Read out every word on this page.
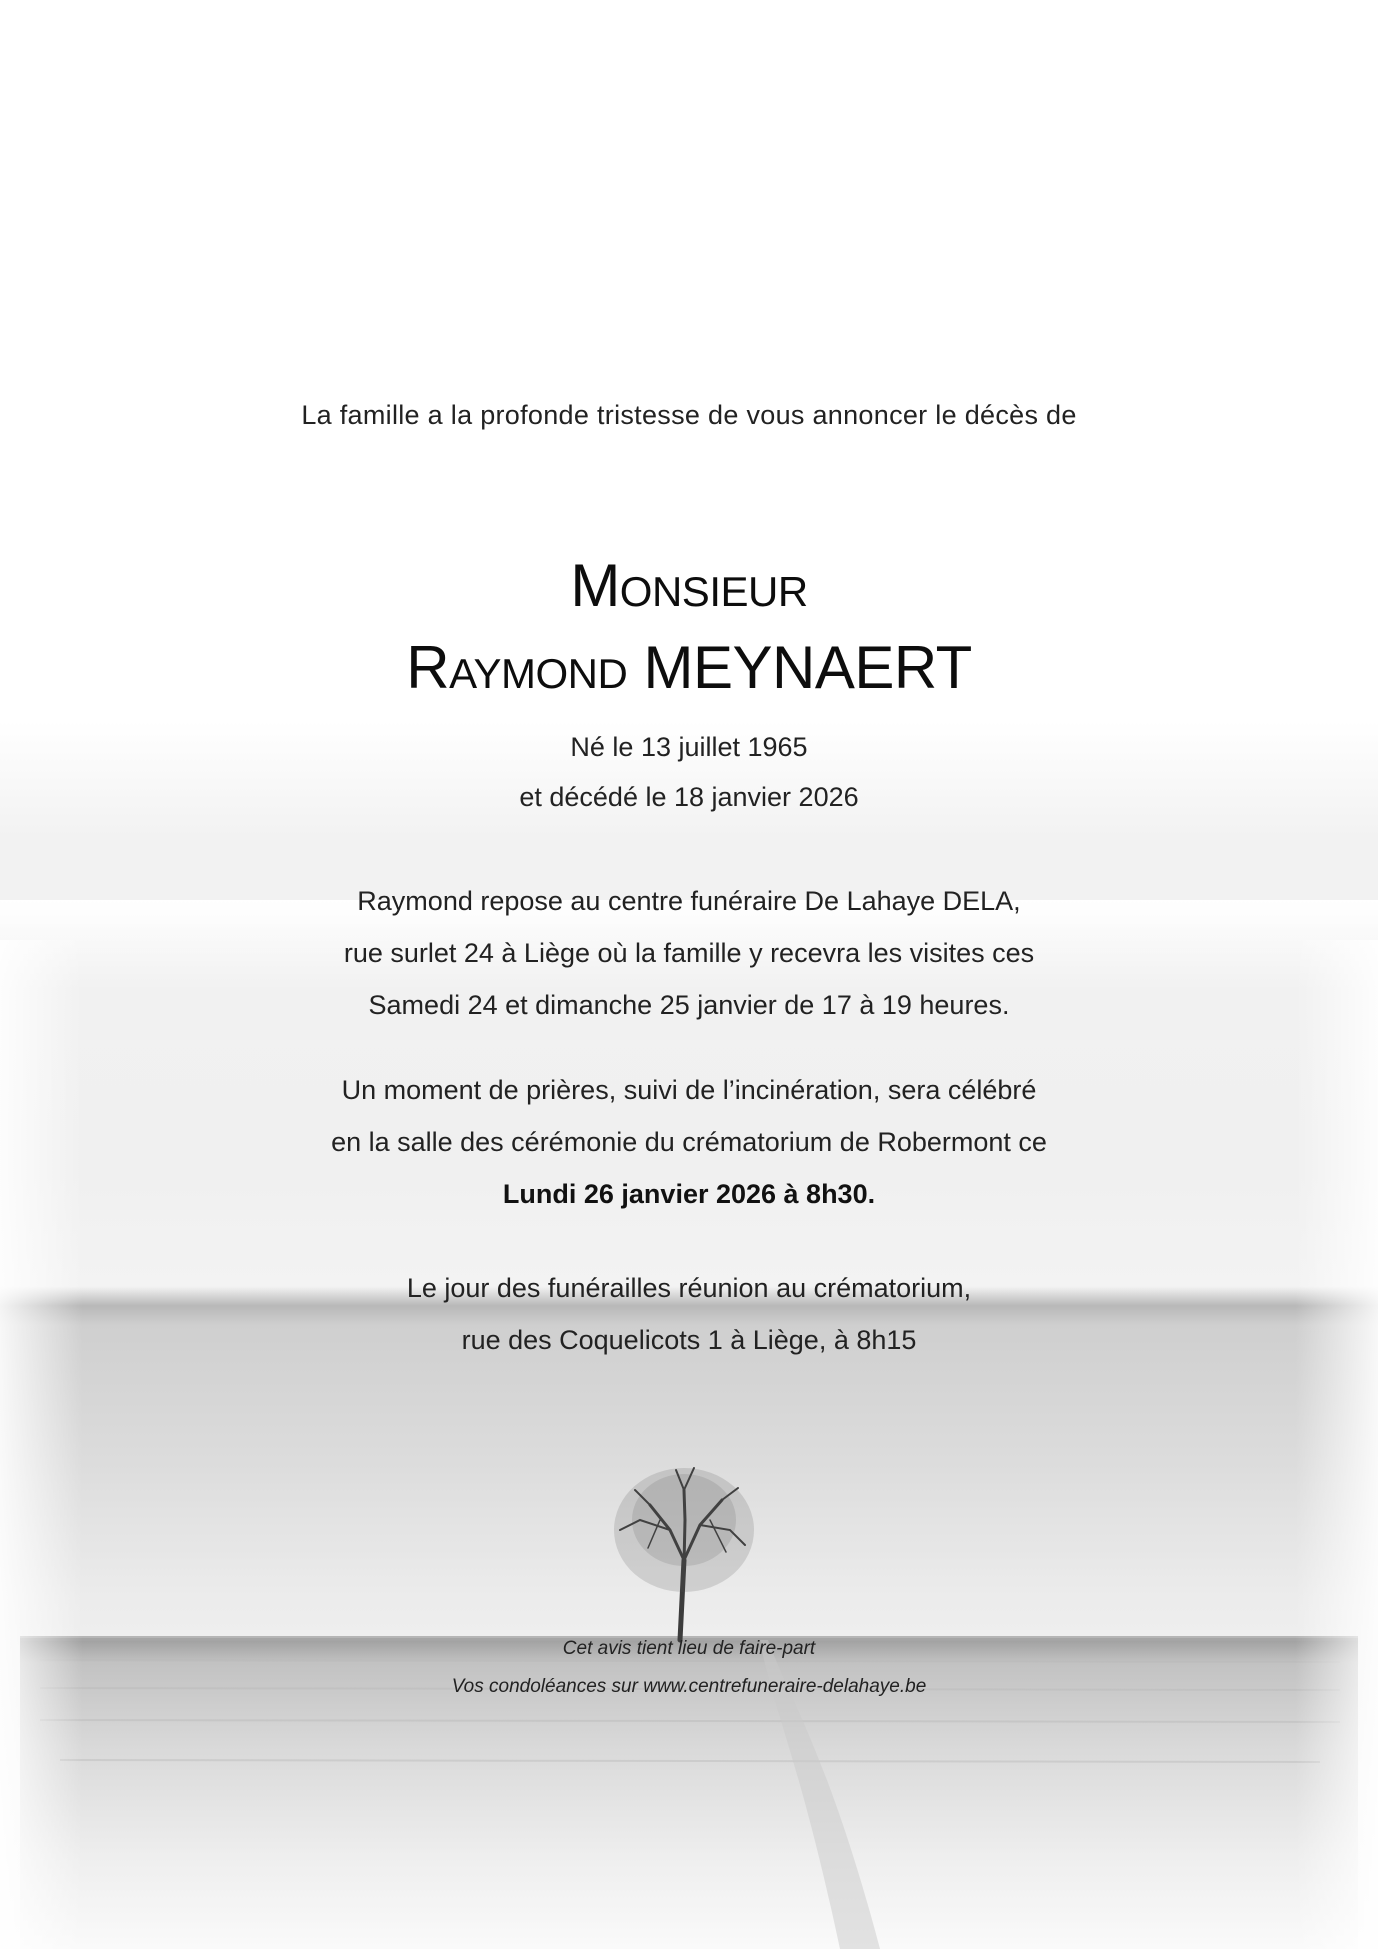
La famille a la profonde tristesse de vous annoncer le décès de
Monsieur
Raymond MEYNAERT
Né le 13 juillet 1965
et décédé le 18 janvier 2026
Raymond repose au centre funéraire De Lahaye DELA,
rue surlet 24 à Liège où la famille y recevra les visites ces
Samedi 24 et dimanche 25 janvier de 17 à 19 heures.
Un moment de prières, suivi de l’incinération, sera célébré
en la salle des cérémonie du crématorium de Robermont ce
Lundi 26 janvier 2026 à 8h30.
Le jour des funérailles réunion au crématorium,
rue des Coquelicots 1 à Liège, à 8h15
Cet avis tient lieu de faire-part
Vos condoléances sur www.centrefuneraire-delahaye.be
